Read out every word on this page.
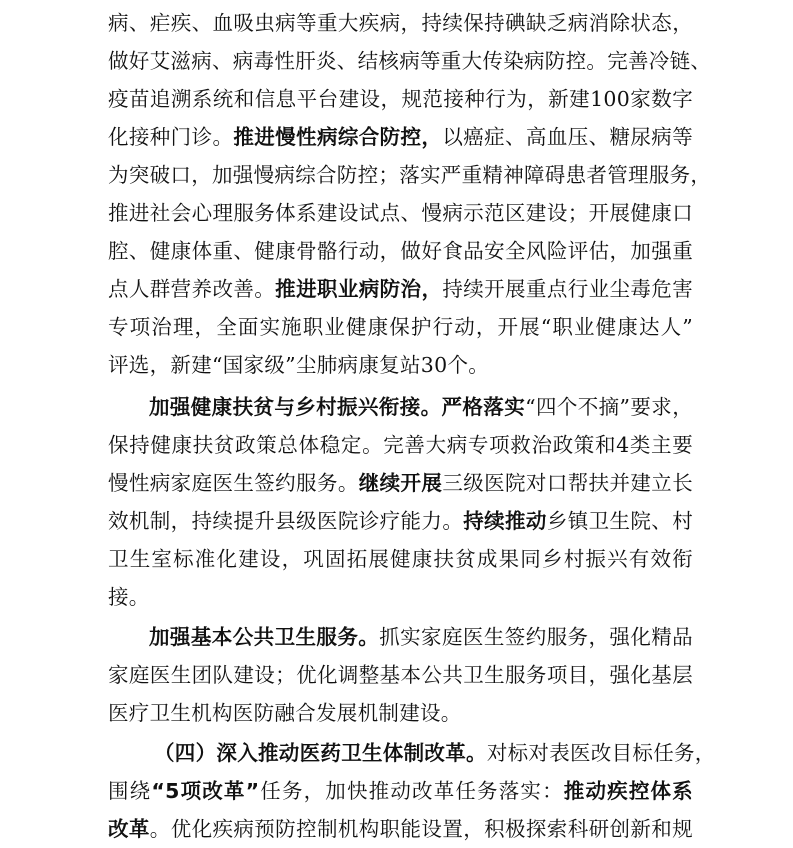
病、疟疾、血吸虫病等重大疾病，持续保持碘缺乏病消除状态，
做好艾滋病、病毒性肝炎、结核病等重大传染病防控。完善冷链、
疫苗追溯系统和信息平台建设，规范接种行为，新建100家数字
化接种门诊。推进慢性病综合防控，以癌症、高血压、糖尿病等
为突破口，加强慢病综合防控；落实严重精神障碍患者管理服务，
推进社会心理服务体系建设试点、慢病示范区建设；开展健康口
腔、健康体重、健康骨骼行动，做好食品安全风险评估，加强重
点人群营养改善。推进职业病防治，持续开展重点行业尘毒危害
专项治理，全面实施职业健康保护行动，开展“职业健康达人”
评选，新建“国家级”尘肺病康复站30个。
加强健康扶贫与乡村振兴衔接。严格落实“四个不摘”要求，
保持健康扶贫政策总体稳定。完善大病专项救治政策和4类主要
慢性病家庭医生签约服务。继续开展三级医院对口帮扶并建立长
效机制，持续提升县级医院诊疗能力。持续推动乡镇卫生院、村
卫生室标准化建设，巩固拓展健康扶贫成果同乡村振兴有效衔
接。
加强基本公共卫生服务。抓实家庭医生签约服务，强化精品
家庭医生团队建设；优化调整基本公共卫生服务项目，强化基层
医疗卫生机构医防融合发展机制建设。
（四）深入推动医药卫生体制改革。对标对表医改目标任务，
围绕“5项改革”任务，加快推动改革任务落实：推动疾控体系
改革。优化疾病预防控制机构职能设置，积极探索科研创新和规
